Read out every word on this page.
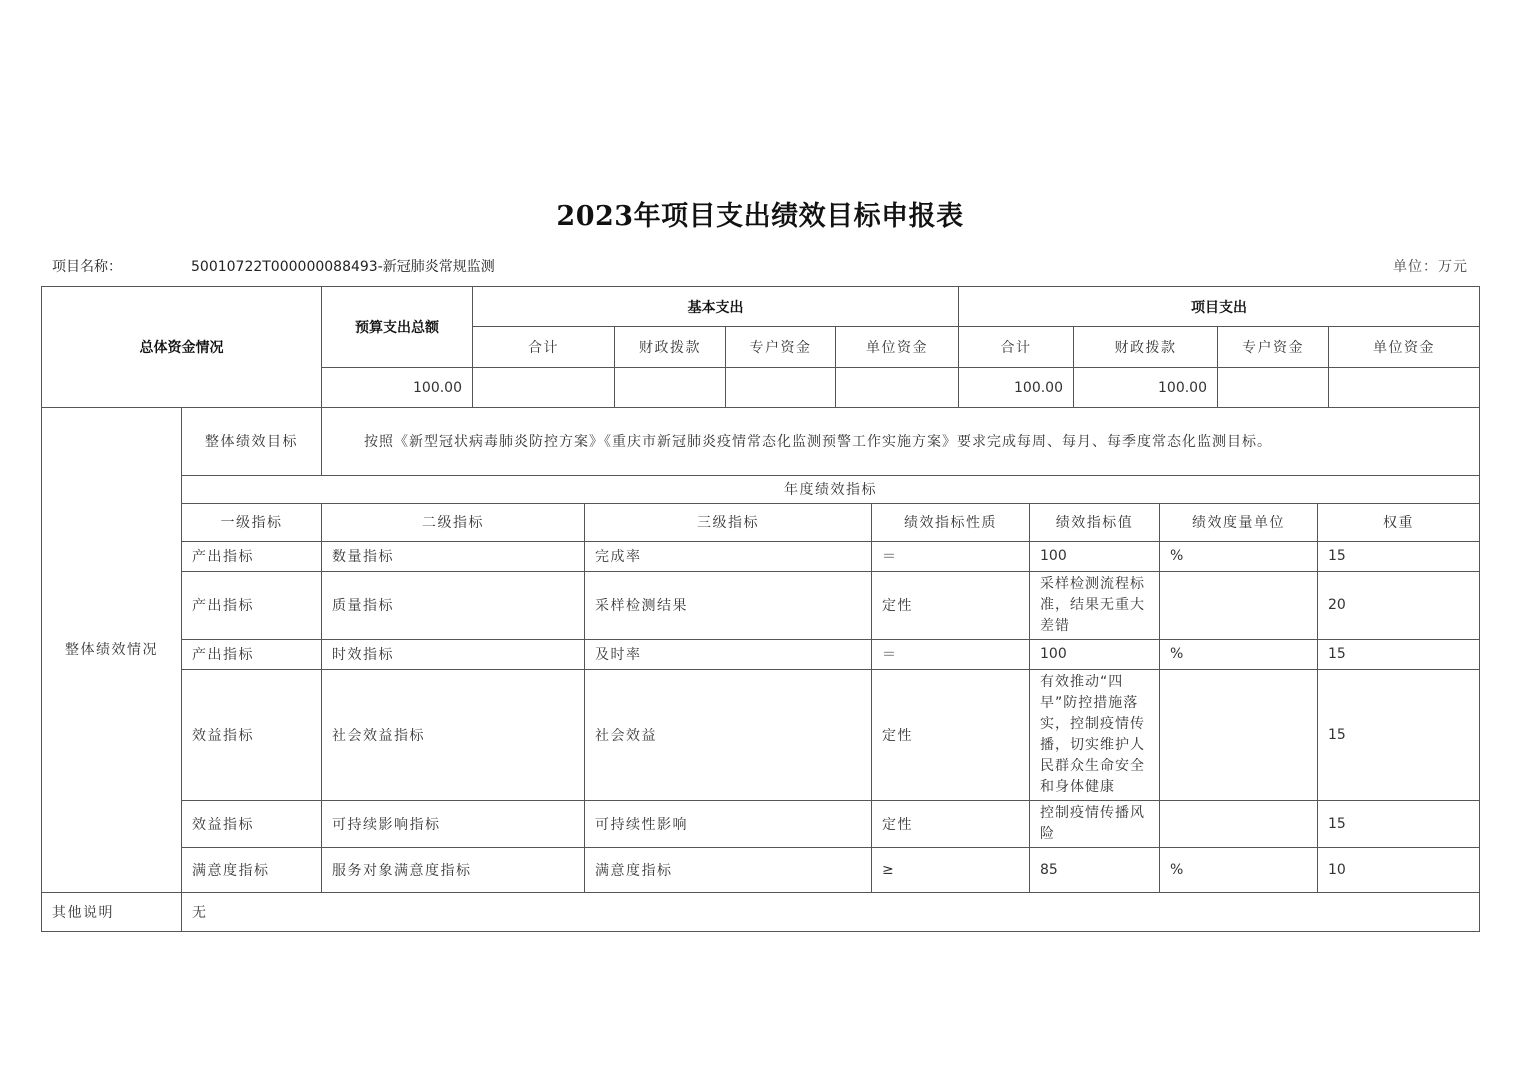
2023年项目支出绩效目标申报表
项目名称：	50010722T000000088493-新冠肺炎常规监测	单位：万元
总体资金情况	预算支出总额	基本支出				项目支出			
		合计	财政拨款	专户资金	单位资金	合计	财政拨款	专户资金	单位资金
	100.00					100.00	100.00		
整体绩效情况	整体绩效目标	按照《新型冠状病毒肺炎防控方案》《重庆市新冠肺炎疫情常态化监测预警工作实施方案》要求完成每周、每月、每季度常态化监测目标。					
	年度绩效指标						
	一级指标	二级指标	三级指标	绩效指标性质	绩效指标值	绩效度量单位	权重
	产出指标	数量指标	完成率	＝	100	%	15
	产出指标	质量指标	采样检测结果	定性	采样检测流程标准，结果无重大差错		20
	产出指标	时效指标	及时率	＝	100	%	15
	效益指标	社会效益指标	社会效益	定性	有效推动“四早”防控措施落实，控制疫情传播，切实维护人民群众生命安全和身体健康		15
	效益指标	可持续影响指标	可持续性影响	定性	控制疫情传播风险		15
	满意度指标	服务对象满意度指标	满意度指标	≥	85	%	10
其他说明	无						
